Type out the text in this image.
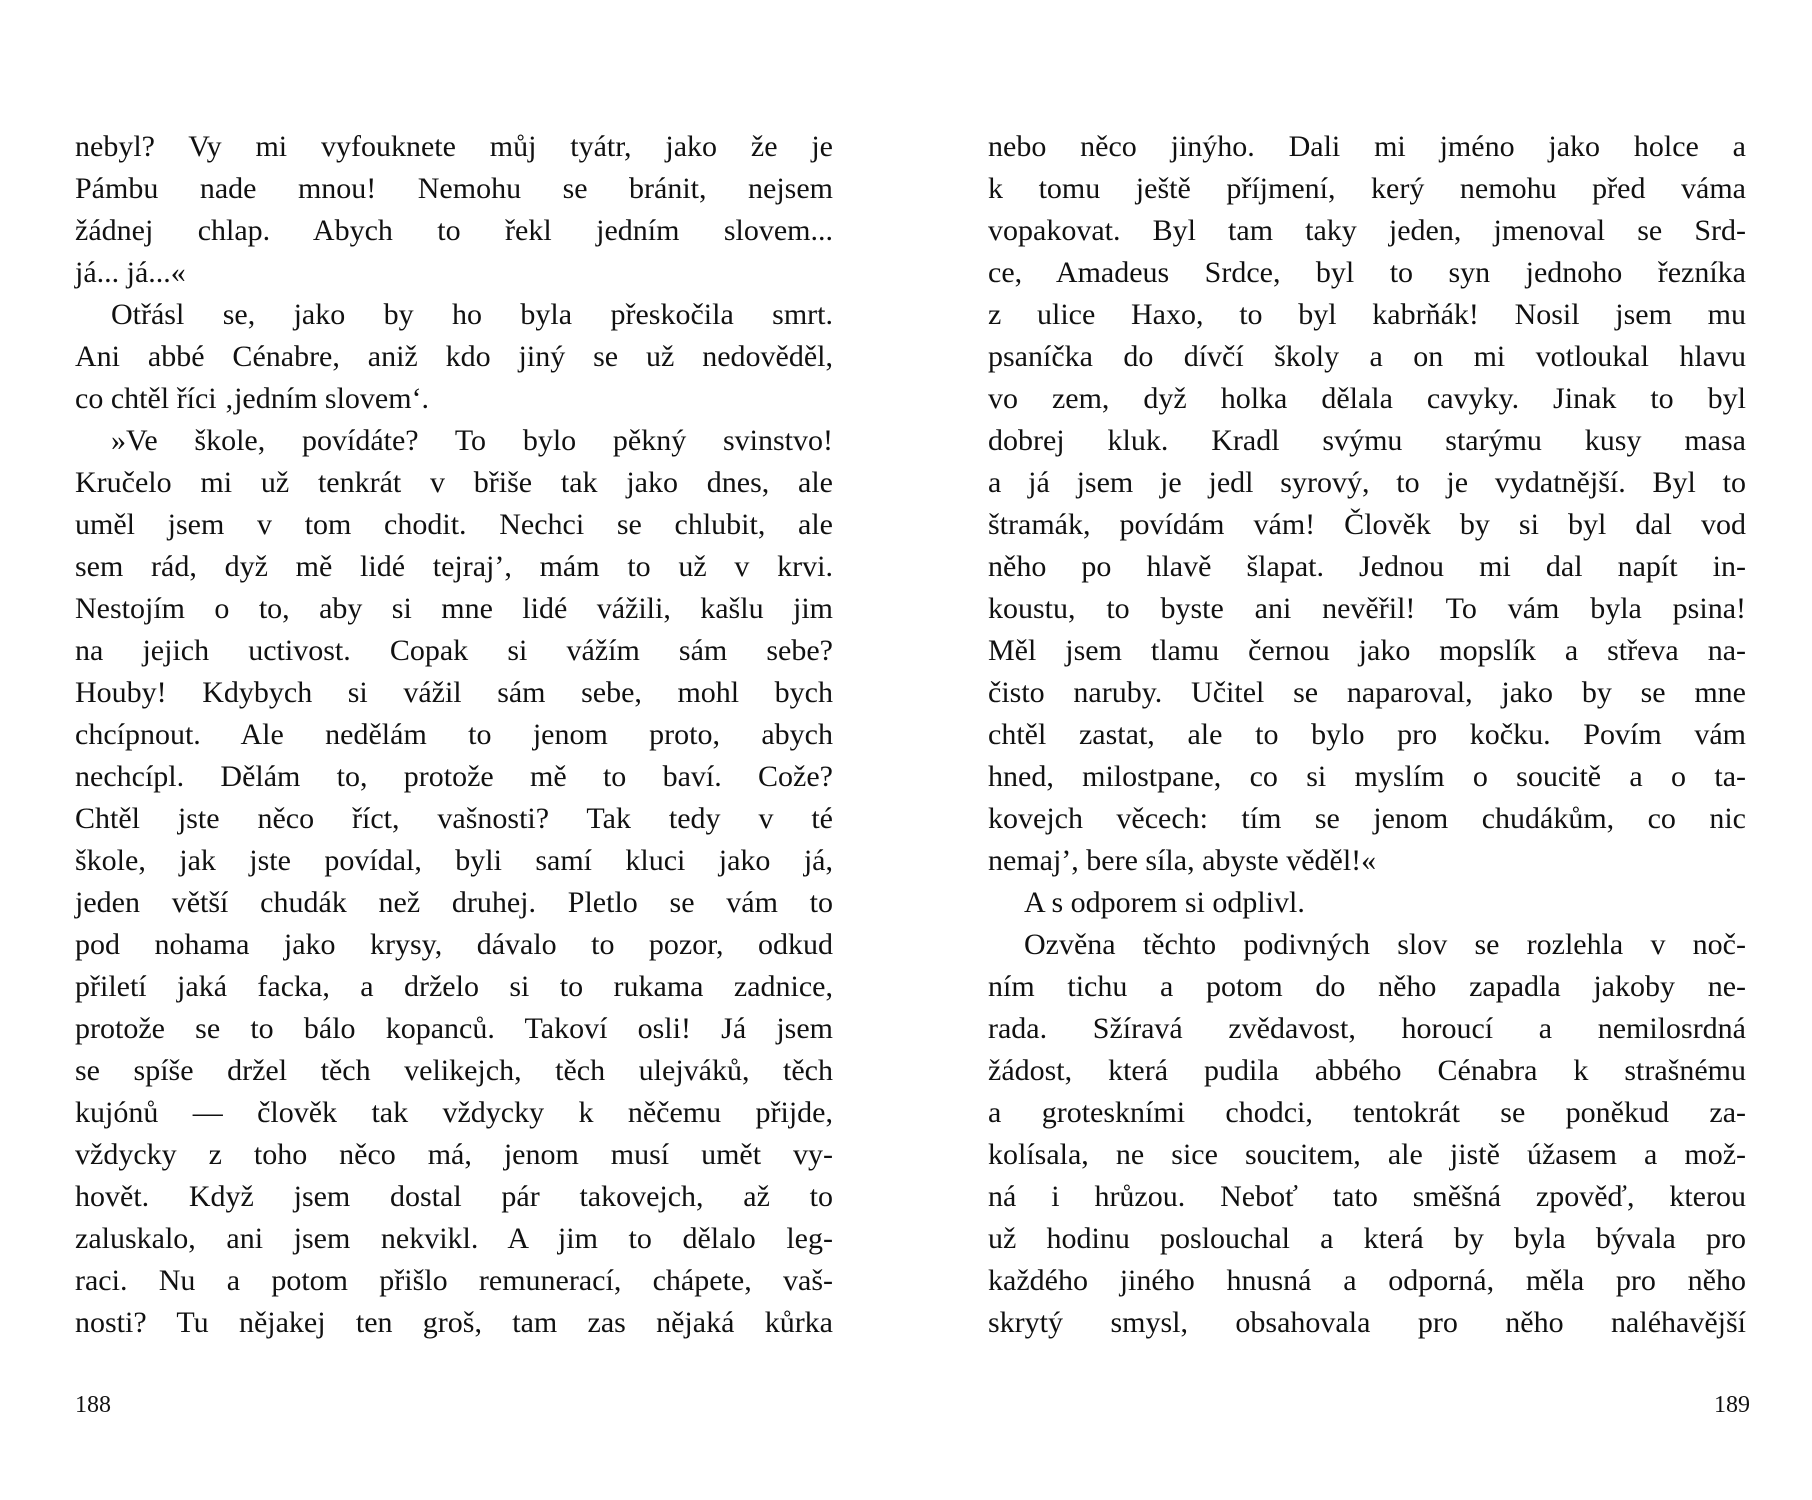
nebyl? Vy mi vyfouknete můj tyátr, jako že je
Pámbu nade mnou! Nemohu se bránit, nejsem
žádnej chlap. Abych to řekl jedním slovem...
já... já...«
Otřásl se, jako by ho byla přeskočila smrt.
Ani abbé Cénabre, aniž kdo jiný se už nedověděl,
co chtěl říci ‚jedním slovem‘.
»Ve škole, povídáte? To bylo pěkný svinstvo!
Kručelo mi už tenkrát v břiše tak jako dnes, ale
uměl jsem v tom chodit. Nechci se chlubit, ale
sem rád, dyž mě lidé tejraj’, mám to už v krvi.
Nestojím o to, aby si mne lidé vážili, kašlu jim
na jejich uctivost. Copak si vážím sám sebe?
Houby! Kdybych si vážil sám sebe, mohl bych
chcípnout. Ale nedělám to jenom proto, abych
nechcípl. Dělám to, protože mě to baví. Cože?
Chtěl jste něco říct, vašnosti? Tak tedy v té
škole, jak jste povídal, byli samí kluci jako já,
jeden větší chudák než druhej. Pletlo se vám to
pod nohama jako krysy, dávalo to pozor, odkud
přiletí jaká facka, a drželo si to rukama zadnice,
protože se to bálo kopanců. Takoví osli! Já jsem
se spíše držel těch velikejch, těch ulejváků, těch
kujónů — člověk tak vždycky k něčemu přijde,
vždycky z toho něco má, jenom musí umět vy-
hovět. Když jsem dostal pár takovejch, až to
zaluskalo, ani jsem nekvikl. A jim to dělalo leg-
raci. Nu a potom přišlo remunerací, chápete, vaš-
nosti? Tu nějakej ten groš, tam zas nějaká kůrka
nebo něco jinýho. Dali mi jméno jako holce a
k tomu ještě příjmení, kerý nemohu před váma
vopakovat. Byl tam taky jeden, jmenoval se Srd-
ce, Amadeus Srdce, byl to syn jednoho řezníka
z ulice Haxo, to byl kabrňák! Nosil jsem mu
psaníčka do dívčí školy a on mi votloukal hlavu
vo zem, dyž holka dělala cavyky. Jinak to byl
dobrej kluk. Kradl svýmu starýmu kusy masa
a já jsem je jedl syrový, to je vydatnější. Byl to
štramák, povídám vám! Člověk by si byl dal vod
něho po hlavě šlapat. Jednou mi dal napít in-
koustu, to byste ani nevěřil! To vám byla psina!
Měl jsem tlamu černou jako mopslík a střeva na-
čisto naruby. Učitel se naparoval, jako by se mne
chtěl zastat, ale to bylo pro kočku. Povím vám
hned, milostpane, co si myslím o soucitě a o ta-
kovejch věcech: tím se jenom chudákům, co nic
nemaj’, bere síla, abyste věděl!«
A s odporem si odplivl.
Ozvěna těchto podivných slov se rozlehla v noč-
ním tichu a potom do něho zapadla jakoby ne-
rada. Sžíravá zvědavost, horoucí a nemilosrdná
žádost, která pudila abbého Cénabra k strašnému
a groteskními chodci, tentokrát se poněkud za-
kolísala, ne sice soucitem, ale jistě úžasem a mož-
ná i hrůzou. Neboť tato směšná zpověď, kterou
už hodinu poslouchal a která by byla bývala pro
každého jiného hnusná a odporná, měla pro něho
skrytý smysl, obsahovala pro něho naléhavější
188	189
